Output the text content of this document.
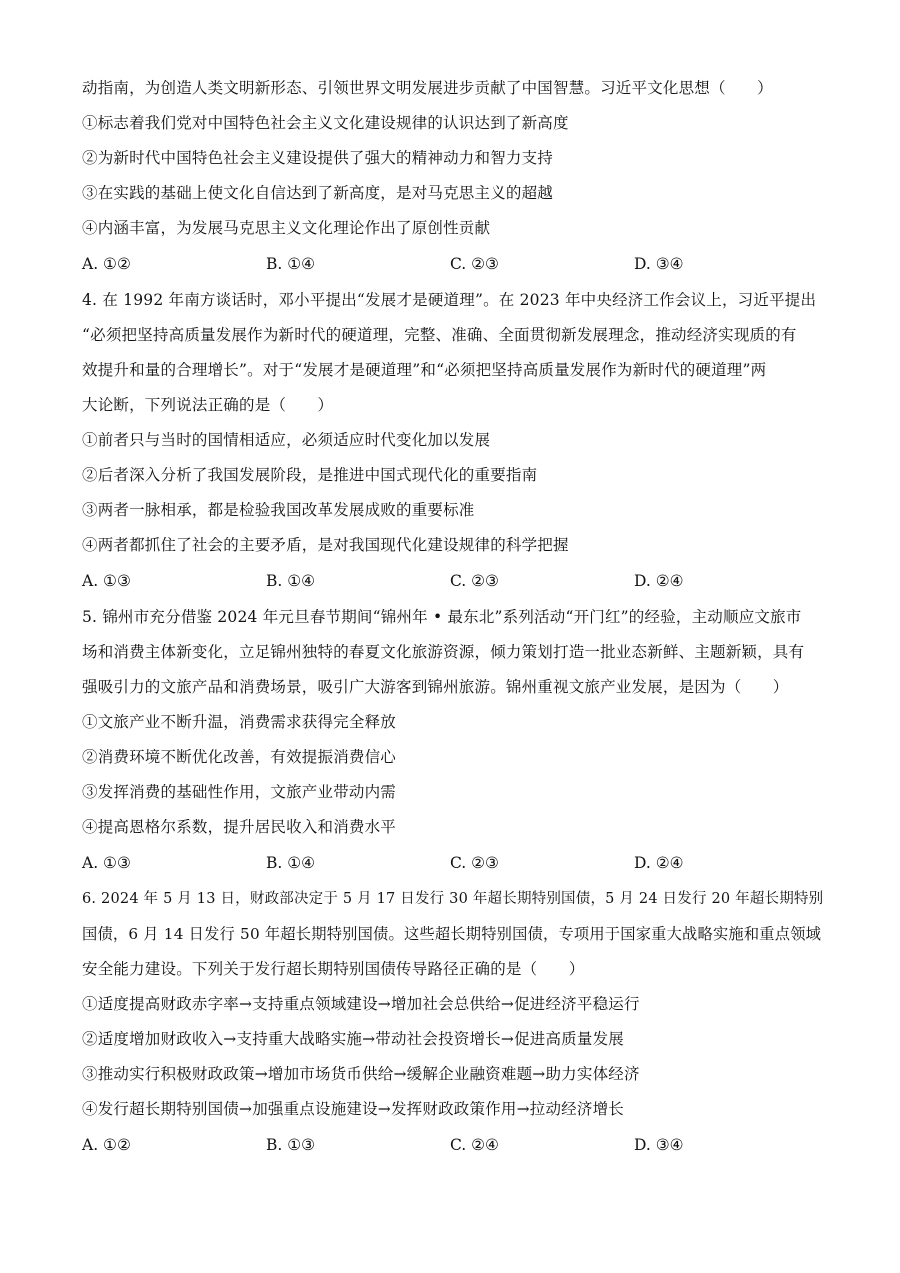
动指南，为创造人类文明新形态、引领世界文明发展进步贡献了中国智慧。习近平文化思想（　　）
①标志着我们党对中国特色社会主义文化建设规律的认识达到了新高度
②为新时代中国特色社会主义建设提供了强大的精神动力和智力支持
③在实践的基础上使文化自信达到了新高度，是对马克思主义的超越
④内涵丰富，为发展马克思主义文化理论作出了原创性贡献
A. ①②	B. ①④	C. ②③	D. ③④
4. 在 1992 年南方谈话时，邓小平提出“发展才是硬道理”。在 2023 年中央经济工作会议上，习近平提出
“必须把坚持高质量发展作为新时代的硬道理，完整、准确、全面贯彻新发展理念，推动经济实现质的有
效提升和量的合理增长”。对于“发展才是硬道理”和“必须把坚持高质量发展作为新时代的硬道理”两
大论断，下列说法正确的是（　　）
①前者只与当时的国情相适应，必须适应时代变化加以发展
②后者深入分析了我国发展阶段，是推进中国式现代化的重要指南
③两者一脉相承，都是检验我国改革发展成败的重要标准
④两者都抓住了社会的主要矛盾，是对我国现代化建设规律的科学把握
A. ①③	B. ①④	C. ②③	D. ②④
5. 锦州市充分借鉴 2024 年元旦春节期间“锦州年 • 最东北”系列活动“开门红”的经验，主动顺应文旅市
场和消费主体新变化，立足锦州独特的春夏文化旅游资源，倾力策划打造一批业态新鲜、主题新颖，具有
强吸引力的文旅产品和消费场景，吸引广大游客到锦州旅游。锦州重视文旅产业发展，是因为（　　）
①文旅产业不断升温，消费需求获得完全释放
②消费环境不断优化改善，有效提振消费信心
③发挥消费的基础性作用，文旅产业带动内需
④提高恩格尔系数，提升居民收入和消费水平
A. ①③	B. ①④	C. ②③	D. ②④
6. 2024 年 5 月 13 日，财政部决定于 5 月 17 日发行 30 年超长期特别国债，5 月 24 日发行 20 年超长期特别
国债，6 月 14 日发行 50 年超长期特别国债。这些超长期特别国债，专项用于国家重大战略实施和重点领域
安全能力建设。下列关于发行超长期特别国债传导路径正确的是（　　）
①适度提高财政赤字率→支持重点领域建设→增加社会总供给→促进经济平稳运行
②适度增加财政收入→支持重大战略实施→带动社会投资增长→促进高质量发展
③推动实行积极财政政策→增加市场货币供给→缓解企业融资难题→助力实体经济
④发行超长期特别国债→加强重点设施建设→发挥财政政策作用→拉动经济增长
A. ①②	B. ①③	C. ②④	D. ③④
